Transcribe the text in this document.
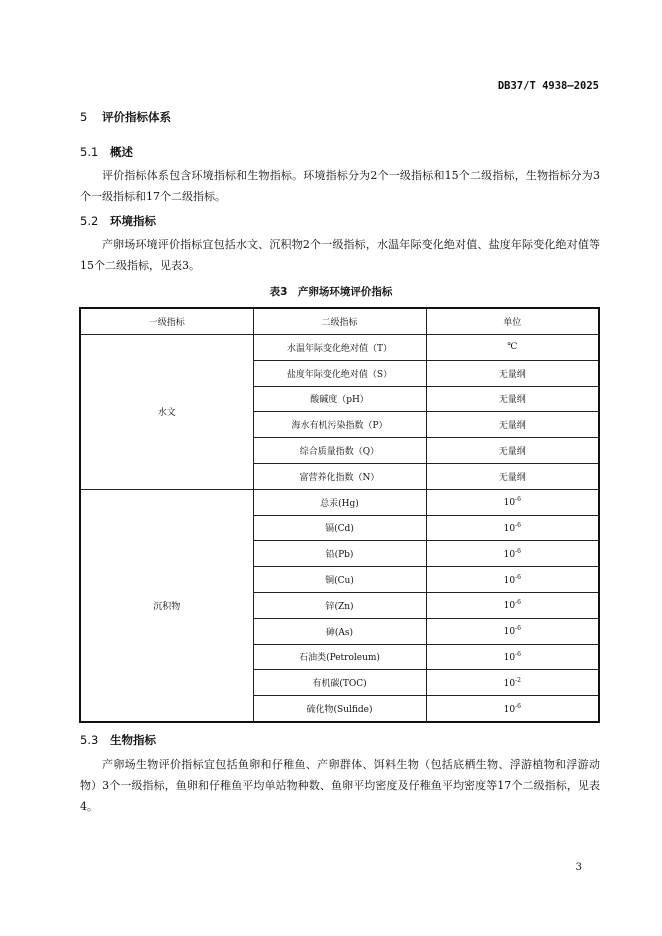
DB37/T 4938—2025
5 评价指标体系
5.1 概述
评价指标体系包含环境指标和生物指标。环境指标分为2个一级指标和15个二级指标，生物指标分为3个一级指标和17个二级指标。
5.2 环境指标
产卵场环境评价指标宜包括水文、沉积物2个一级指标，水温年际变化绝对值、盐度年际变化绝对值等15个二级指标，见表3。
表3　产卵场环境评价指标
一级指标	二级指标	单位
水文	水温年际变化绝对值（T）	℃
	盐度年际变化绝对值（S）	无量纲
	酸碱度（pH）	无量纲
	海水有机污染指数（P）	无量纲
	综合质量指数（Q）	无量纲
	富营养化指数（N）	无量纲
沉积物	总汞(Hg)	$10^{-6}$
	镉(Cd)	$10^{-6}$
	铅(Pb)	$10^{-6}$
	铜(Cu)	$10^{-6}$
	锌(Zn)	$10^{-6}$
	砷(As)	$10^{-6}$
	石油类(Petroleum)	$10^{-6}$
	有机碳(TOC)	$10^{-2}$
	硫化物(Sulfide)	$10^{-6}$
5.3 生物指标
产卵场生物评价指标宜包括鱼卵和仔稚鱼、产卵群体、饵料生物（包括底栖生物、浮游植物和浮游动物）3个一级指标，鱼卵和仔稚鱼平均单站物种数、鱼卵平均密度及仔稚鱼平均密度等17个二级指标，见表4。
3
